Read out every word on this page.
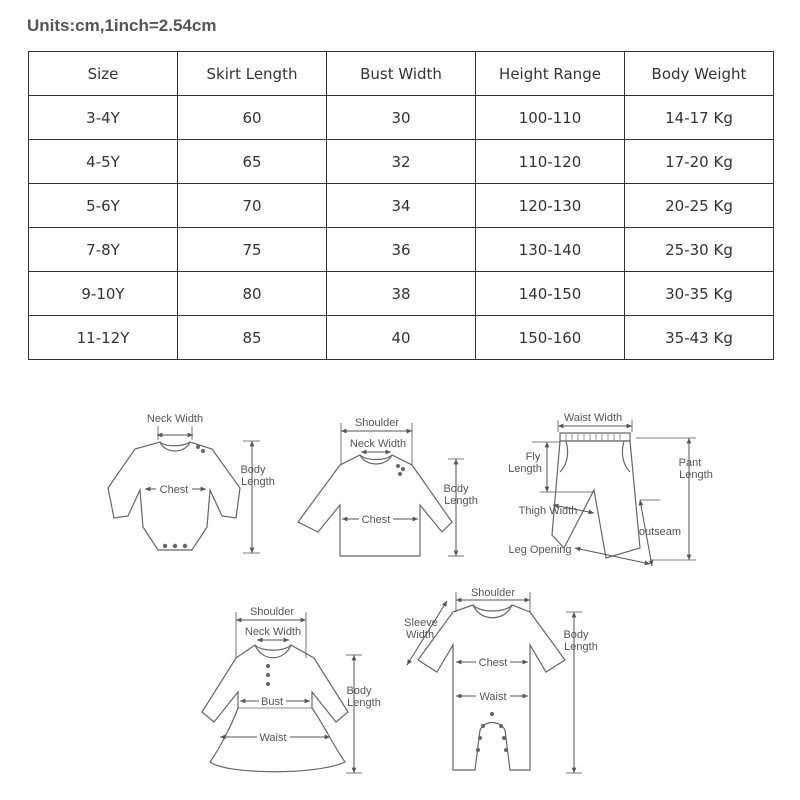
Units:cm,1inch=2.54cm
Size	Skirt Length	Bust Width	Height Range	Body Weight
3-4Y	60	30	100-110	14-17 Kg
4-5Y	65	32	110-120	17-20 Kg
5-6Y	70	34	120-130	20-25 Kg
7-8Y	75	36	130-140	25-30 Kg
9-10Y	80	38	140-150	30-35 Kg
11-12Y	85	40	150-160	35-43 Kg
Neck Width
Chest
Body
Length
Shoulder
Neck Width
Chest
Body
Length
Waist Width
Fly
Length	Pant
Length
Thigh Width
outseam
Leg Opening
Shoulder
Neck Width
Bust
Waist
Body
Length
Shoulder
Sleeve
Width
Chest
Waist
Body
Length
